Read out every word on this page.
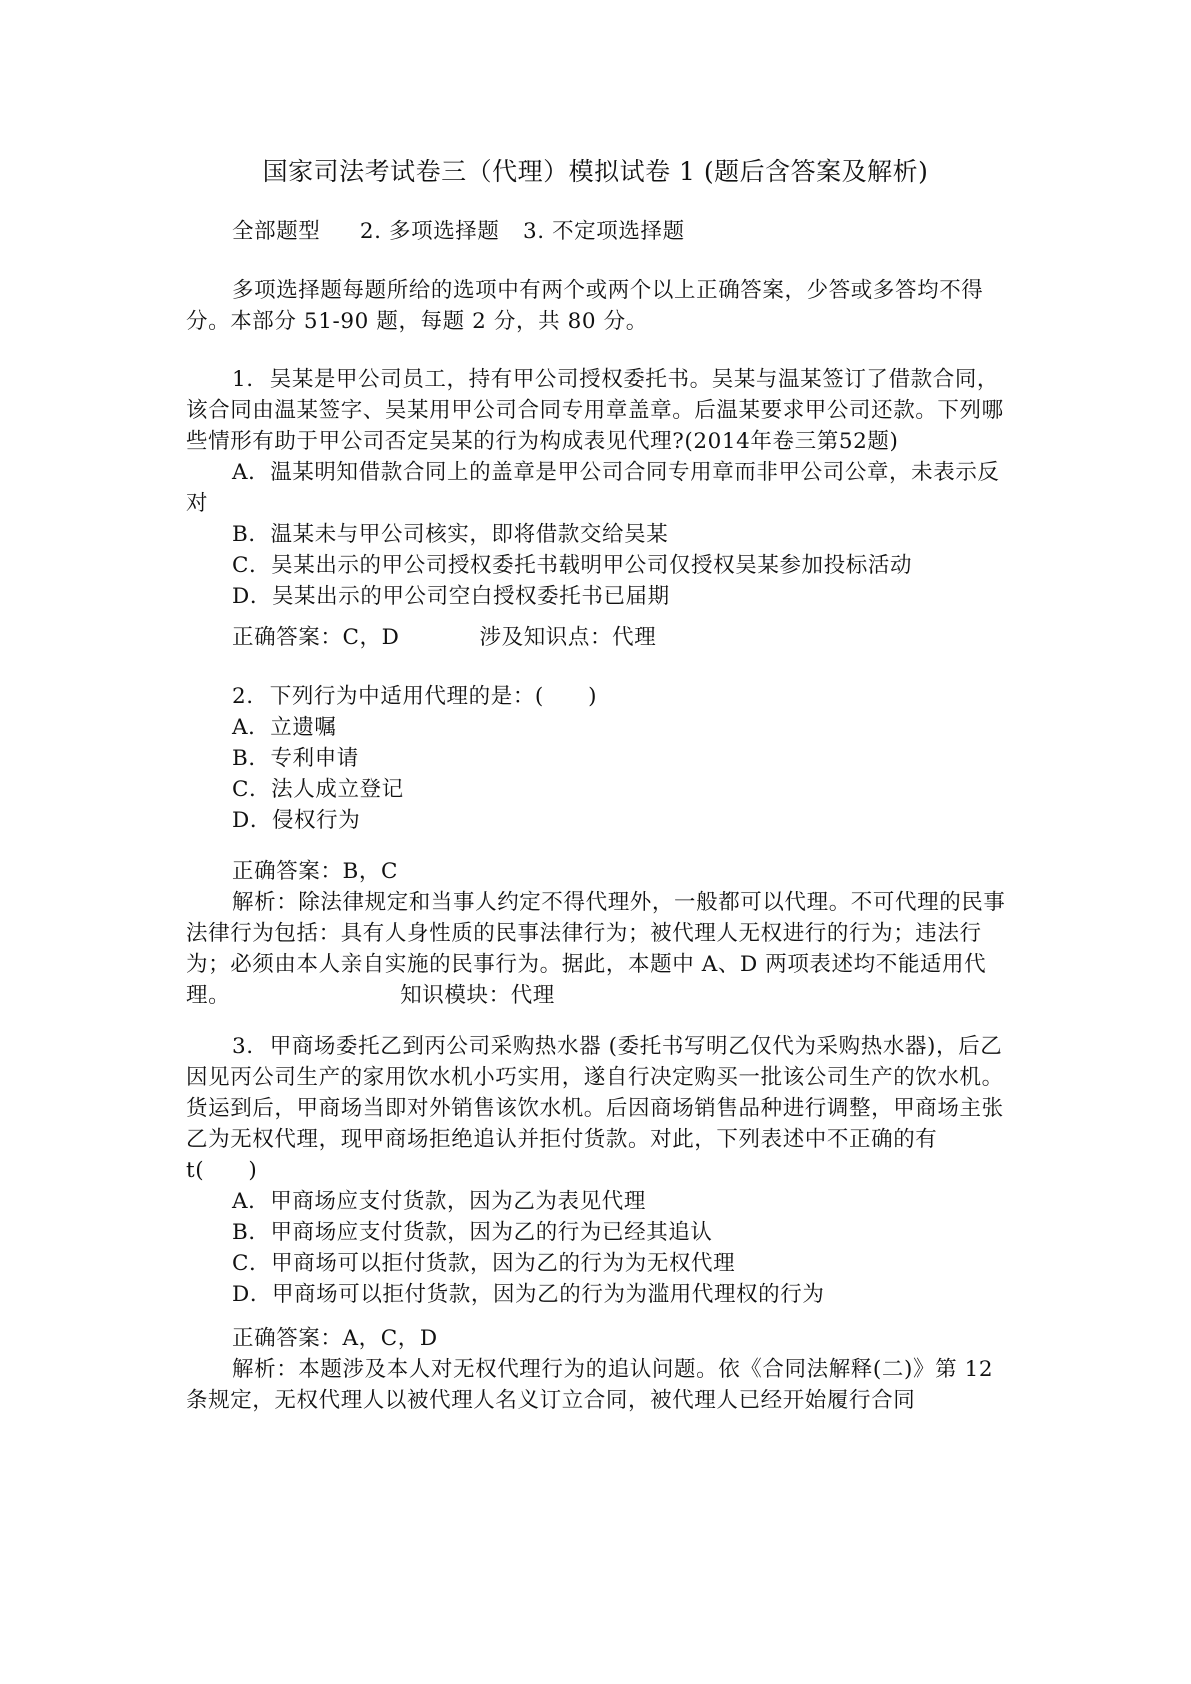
国家司法考试卷三（代理）模拟试卷 1 (题后含答案及解析)

全部题型 2. 多项选择题 3. 不定项选择题

多项选择题每题所给的选项中有两个或两个以上正确答案，少答或多答均不得分。本部分 51-90 题，每题 2 分，共 80 分。

1. 吴某是甲公司员工，持有甲公司授权委托书。吴某与温某签订了借款合同，该合同由温某签字、吴某用甲公司合同专用章盖章。后温某要求甲公司还款。下列哪些情形有助于甲公司否定吴某的行为构成表见代理?(2014年卷三第52题)

A．温某明知借款合同上的盖章是甲公司合同专用章而非甲公司公章，未表示反对

B．温某未与甲公司核实，即将借款交给吴某

C．吴某出示的甲公司授权委托书载明甲公司仅授权吴某参加投标活动

D．吴某出示的甲公司空白授权委托书已届期

正确答案：C，D	涉及知识点：代理

2. 下列行为中适用代理的是：(　　)

A．立遗嘱

B．专利申请

C．法人成立登记

D．侵权行为

正确答案：B，C

解析：除法律规定和当事人约定不得代理外，一般都可以代理。不可代理的民事法律行为包括：具有人身性质的民事法律行为；被代理人无权进行的行为；违法行为；必须由本人亲自实施的民事行为。据此，本题中 A、D 两项表述均不能适用代理。	知识模块：代理

3. 甲商场委托乙到丙公司采购热水器 (委托书写明乙仅代为采购热水器)，后乙因见丙公司生产的家用饮水机小巧实用，遂自行决定购买一批该公司生产的饮水机。货运到后，甲商场当即对外销售该饮水机。后因商场销售品种进行调整，甲商场主张乙为无权代理，现甲商场拒绝追认并拒付货款。对此，下列表述中不正确的有 t(　　)

A．甲商场应支付货款，因为乙为表见代理

B．甲商场应支付货款，因为乙的行为已经其追认

C．甲商场可以拒付货款，因为乙的行为为无权代理

D．甲商场可以拒付货款，因为乙的行为为滥用代理权的行为

正确答案：A，C，D

解析：本题涉及本人对无权代理行为的追认问题。依《合同法解释(二)》第 12 条规定，无权代理人以被代理人名义订立合同，被代理人已经开始履行合同
